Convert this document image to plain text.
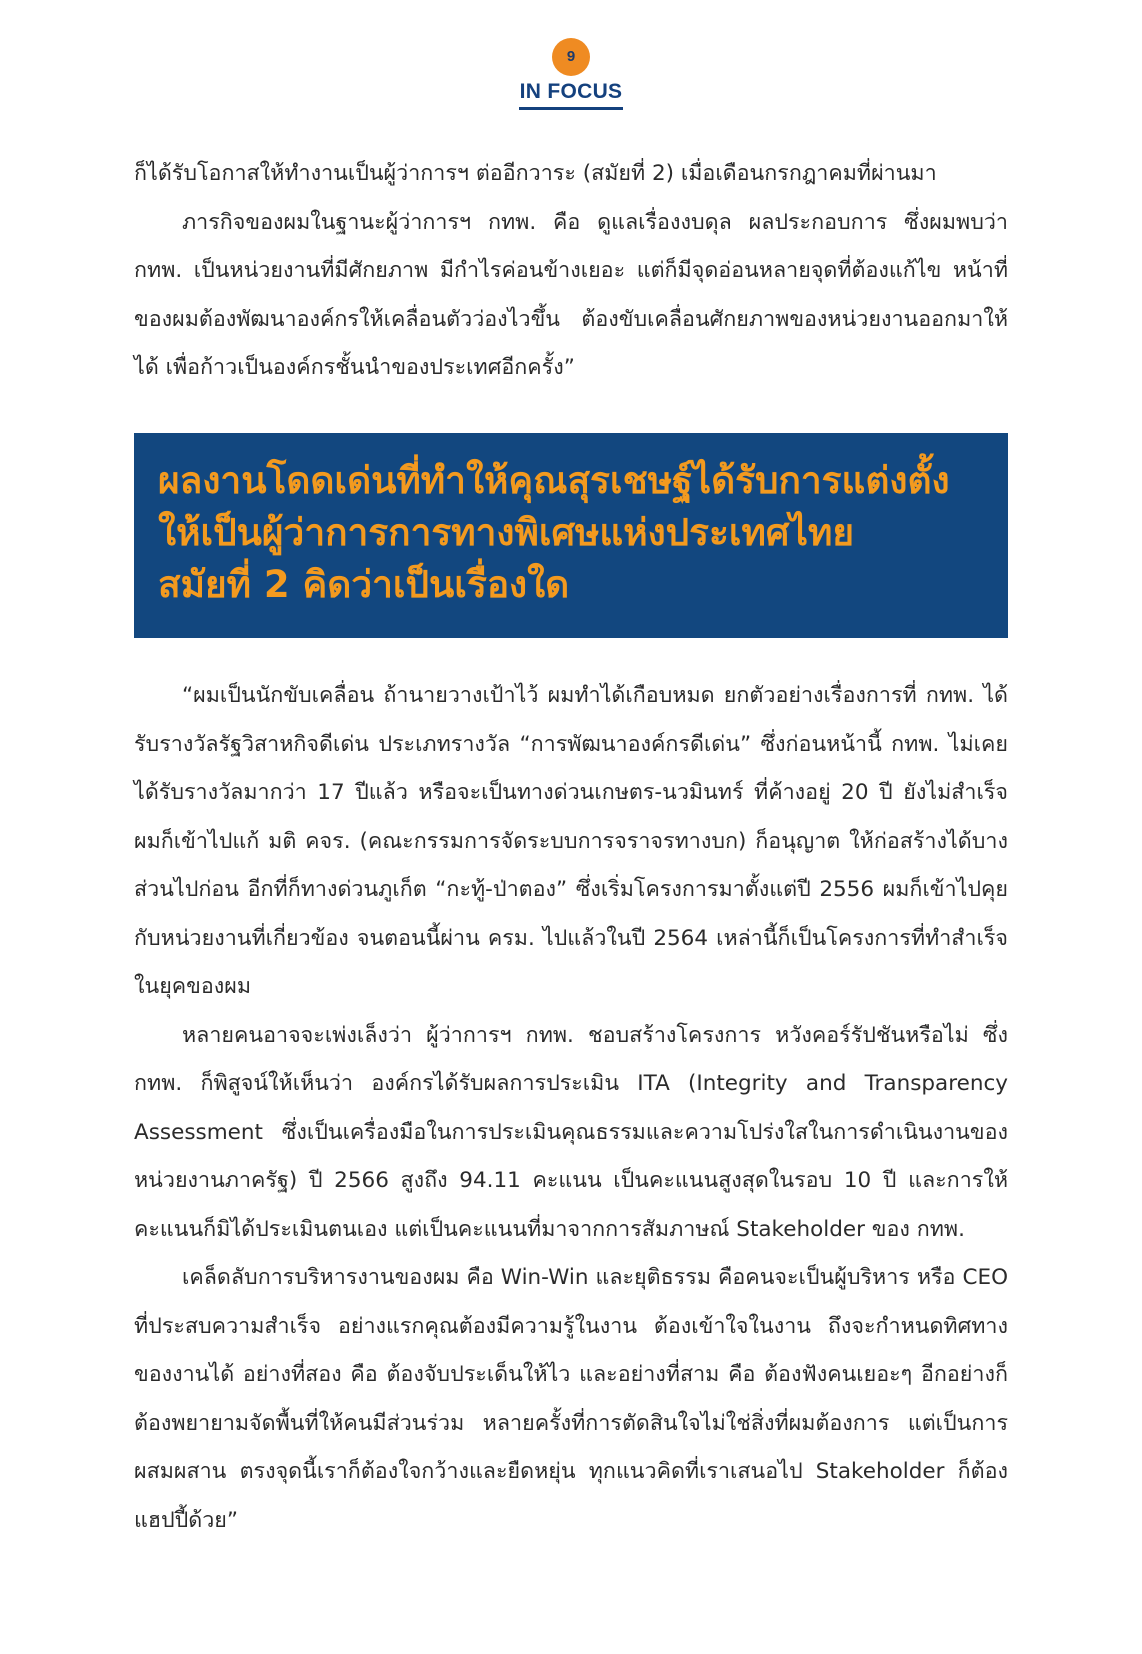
9
IN FOCUS

ก็ได้รับโอกาสให้ทำงานเป็นผู้ว่าการฯ ต่ออีกวาระ (สมัยที่ 2) เมื่อเดือนกรกฎาคมที่ผ่านมา

ภารกิจของผมในฐานะผู้ว่าการฯ กทพ. คือ ดูแลเรื่องงบดุล ผลประกอบการ ซึ่งผมพบว่า กทพ. เป็นหน่วยงานที่มีศักยภาพ มีกำไรค่อนข้างเยอะ แต่ก็มีจุดอ่อนหลายจุดที่ต้องแก้ไข หน้าที่ของผมต้องพัฒนาองค์กรให้เคลื่อนตัวว่องไวขึ้น ต้องขับเคลื่อนศักยภาพของหน่วยงานออกมาให้ได้ เพื่อก้าวเป็นองค์กรชั้นนำของประเทศอีกครั้ง”

ผลงานโดดเด่นที่ทำให้คุณสุรเชษฐ์ได้รับการแต่งตั้ง
ให้เป็นผู้ว่าการการทางพิเศษแห่งประเทศไทย
สมัยที่ 2 คิดว่าเป็นเรื่องใด

“ผมเป็นนักขับเคลื่อน ถ้านายวางเป้าไว้ ผมทำได้เกือบหมด ยกตัวอย่างเรื่องการที่ กทพ. ได้รับรางวัลรัฐวิสาหกิจดีเด่น ประเภทรางวัล “การพัฒนาองค์กรดีเด่น” ซึ่งก่อนหน้านี้ กทพ. ไม่เคยได้รับรางวัลมากว่า 17 ปีแล้ว หรือจะเป็นทางด่วนเกษตร-นวมินทร์ ที่ค้างอยู่ 20 ปี ยังไม่สำเร็จ ผมก็เข้าไปแก้ มติ คจร. (คณะกรรมการจัดระบบการจราจรทางบก) ก็อนุญาต ให้ก่อสร้างได้บางส่วนไปก่อน อีกที่ก็ทางด่วนภูเก็ต “กะทู้-ป่าตอง” ซึ่งเริ่มโครงการมาตั้งแต่ปี 2556 ผมก็เข้าไปคุยกับหน่วยงานที่เกี่ยวข้อง จนตอนนี้ผ่าน ครม. ไปแล้วในปี 2564 เหล่านี้ก็เป็นโครงการที่ทำสำเร็จในยุคของผม

หลายคนอาจจะเพ่งเล็งว่า ผู้ว่าการฯ กทพ. ชอบสร้างโครงการ หวังคอร์รัปชันหรือไม่ ซึ่ง กทพ. ก็พิสูจน์ให้เห็นว่า องค์กรได้รับผลการประเมิน ITA (Integrity and Transparency Assessment ซึ่งเป็นเครื่องมือในการประเมินคุณธรรมและความโปร่งใสในการดำเนินงานของหน่วยงานภาครัฐ) ปี 2566 สูงถึง 94.11 คะแนน เป็นคะแนนสูงสุดในรอบ 10 ปี และการให้คะแนนก็มิได้ประเมินตนเอง แต่เป็นคะแนนที่มาจากการสัมภาษณ์ Stakeholder ของ กทพ.

เคล็ดลับการบริหารงานของผม คือ Win-Win และยุติธรรม คือคนจะเป็นผู้บริหาร หรือ CEO ที่ประสบความสำเร็จ อย่างแรกคุณต้องมีความรู้ในงาน ต้องเข้าใจในงาน ถึงจะกำหนดทิศทางของงานได้ อย่างที่สอง คือ ต้องจับประเด็นให้ไว และอย่างที่สาม คือ ต้องฟังคนเยอะๆ อีกอย่างก็ต้องพยายามจัดพื้นที่ให้คนมีส่วนร่วม หลายครั้งที่การตัดสินใจไม่ใช่สิ่งที่ผมต้องการ แต่เป็นการผสมผสาน ตรงจุดนี้เราก็ต้องใจกว้างและยืดหยุ่น ทุกแนวคิดที่เราเสนอไป Stakeholder ก็ต้องแฮปปี้ด้วย”
